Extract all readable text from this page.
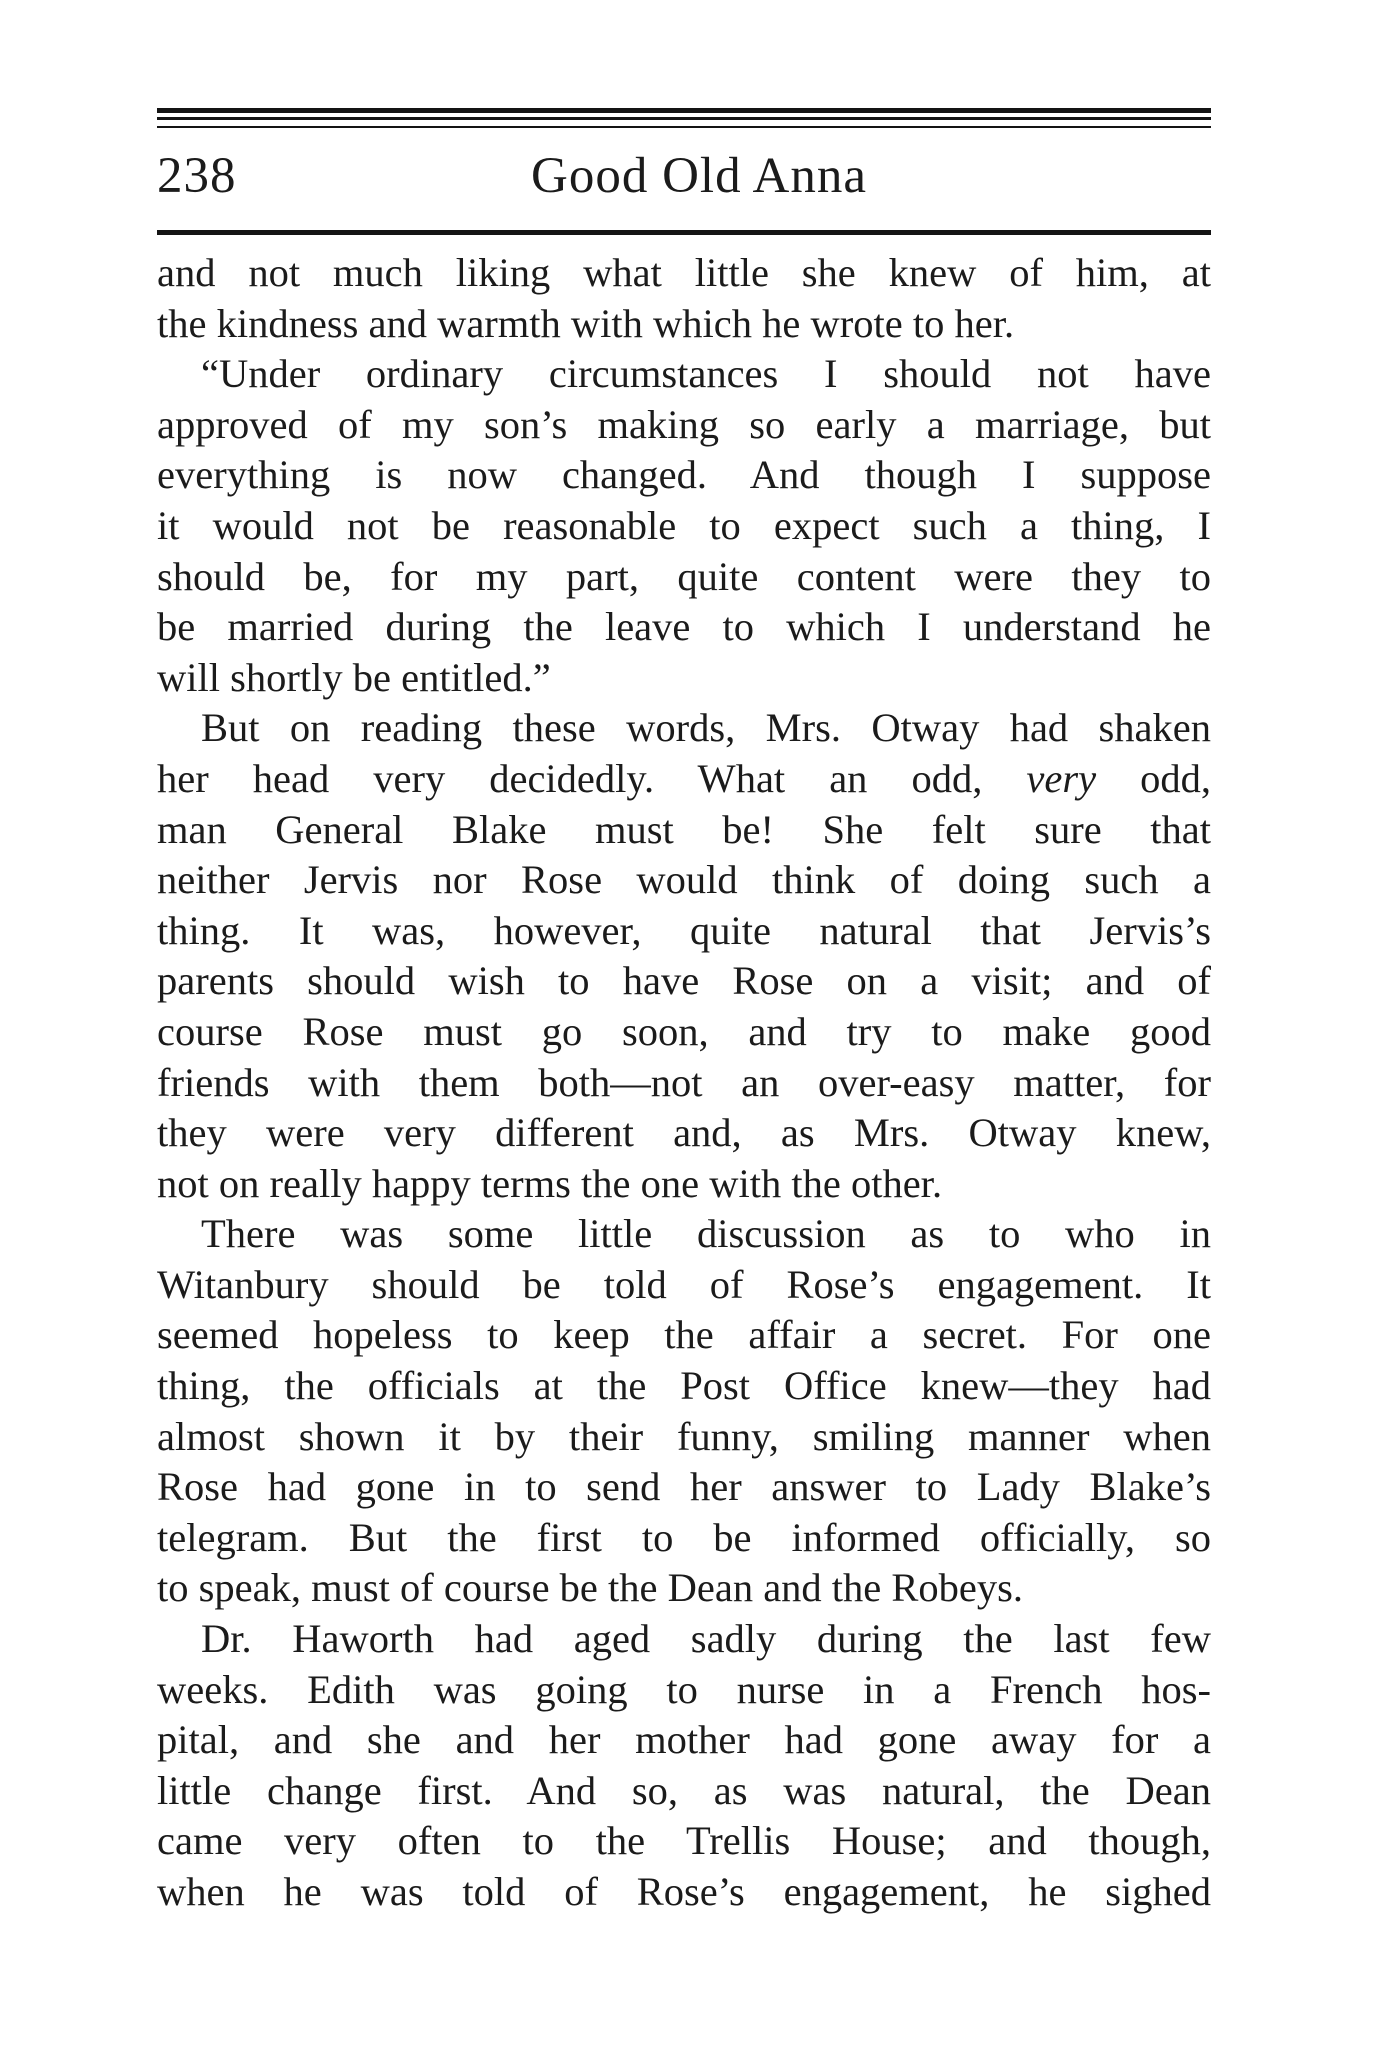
238	Good Old Anna
and not much liking what little she knew of him, at
the kindness and warmth with which he wrote to her.
“Under ordinary circumstances I should not have
approved of my son’s making so early a marriage, but
everything is now changed. And though I suppose
it would not be reasonable to expect such a thing, I
should be, for my part, quite content were they to
be married during the leave to which I understand he
will shortly be entitled.”
But on reading these words, Mrs. Otway had shaken
her head very decidedly. What an odd, very odd,
man General Blake must be! She felt sure that
neither Jervis nor Rose would think of doing such a
thing. It was, however, quite natural that Jervis’s
parents should wish to have Rose on a visit; and of
course Rose must go soon, and try to make good
friends with them both—not an over-easy matter, for
they were very different and, as Mrs. Otway knew,
not on really happy terms the one with the other.
There was some little discussion as to who in
Witanbury should be told of Rose’s engagement. It
seemed hopeless to keep the affair a secret. For one
thing, the officials at the Post Office knew—they had
almost shown it by their funny, smiling manner when
Rose had gone in to send her answer to Lady Blake’s
telegram. But the first to be informed officially, so
to speak, must of course be the Dean and the Robeys.
Dr. Haworth had aged sadly during the last few
weeks. Edith was going to nurse in a French hos-
pital, and she and her mother had gone away for a
little change first. And so, as was natural, the Dean
came very often to the Trellis House; and though,
when he was told of Rose’s engagement, he sighed
